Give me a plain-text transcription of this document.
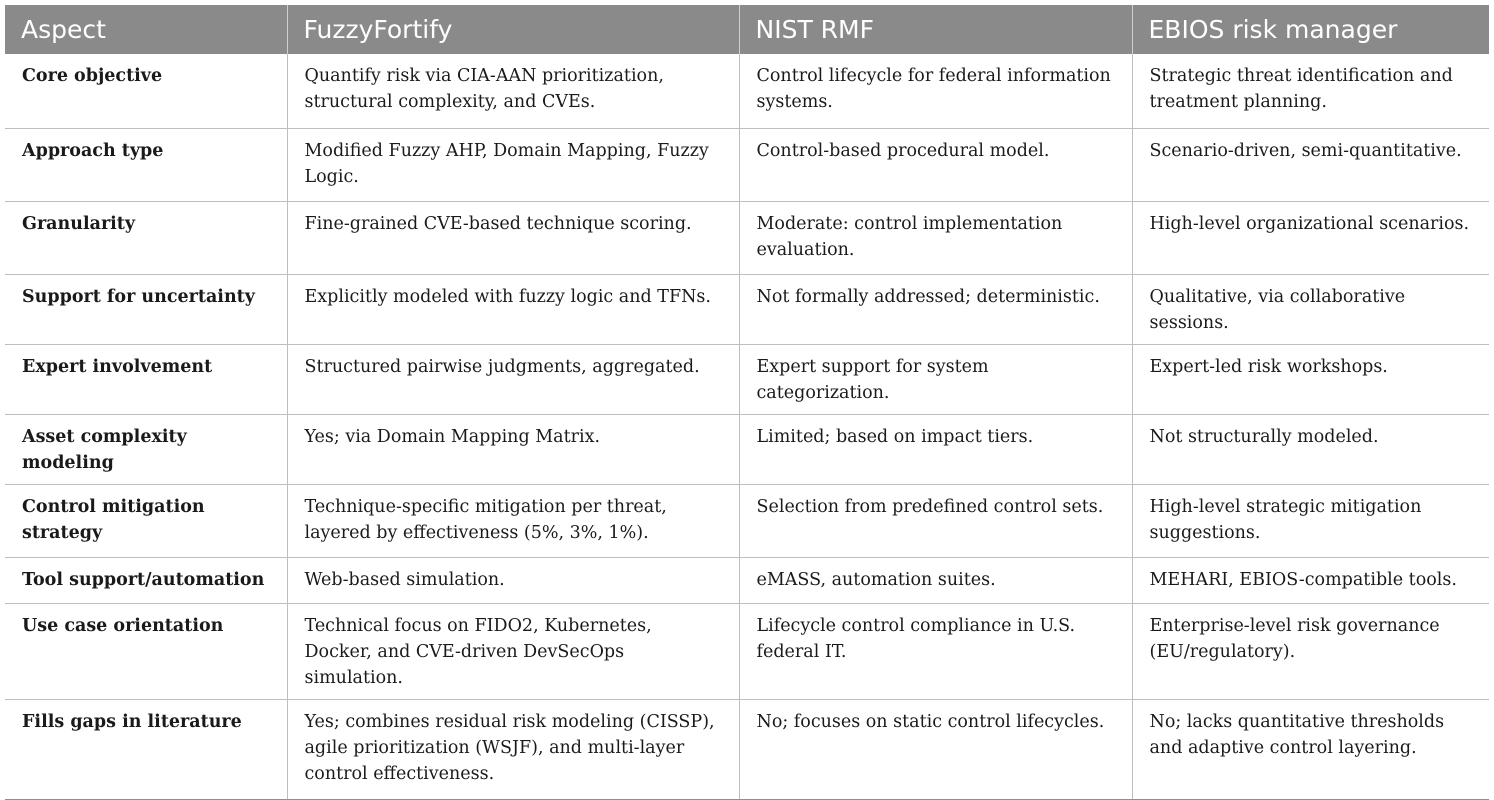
Aspect	FuzzyFortify	NIST RMF	EBIOS risk manager
Core objective	Quantify risk via CIA-AAN prioritization, structural complexity, and CVEs.	Control lifecycle for federal information systems.	Strategic threat identification and treatment planning.
Approach type	Modified Fuzzy AHP, Domain Mapping, Fuzzy Logic.	Control-based procedural model.	Scenario-driven, semi-quantitative.
Granularity	Fine-grained CVE-based technique scoring.	Moderate: control implementation evaluation.	High-level organizational scenarios.
Support for uncertainty	Explicitly modeled with fuzzy logic and TFNs.	Not formally addressed; deterministic.	Qualitative, via collaborative sessions.
Expert involvement	Structured pairwise judgments, aggregated.	Expert support for system categorization.	Expert-led risk workshops.
Asset complexity modeling	Yes; via Domain Mapping Matrix.	Limited; based on impact tiers.	Not structurally modeled.
Control mitigation strategy	Technique-specific mitigation per threat, layered by effectiveness (5%, 3%, 1%).	Selection from predefined control sets.	High-level strategic mitigation suggestions.
Tool support/automation	Web-based simulation.	eMASS, automation suites.	MEHARI, EBIOS-compatible tools.
Use case orientation	Technical focus on FIDO2, Kubernetes, Docker, and CVE-driven DevSecOps simulation.	Lifecycle control compliance in U.S. federal IT.	Enterprise-level risk governance (EU/regulatory).
Fills gaps in literature	Yes; combines residual risk modeling (CISSP), agile prioritization (WSJF), and multi-layer control effectiveness.	No; focuses on static control lifecycles.	No; lacks quantitative thresholds and adaptive control layering.
